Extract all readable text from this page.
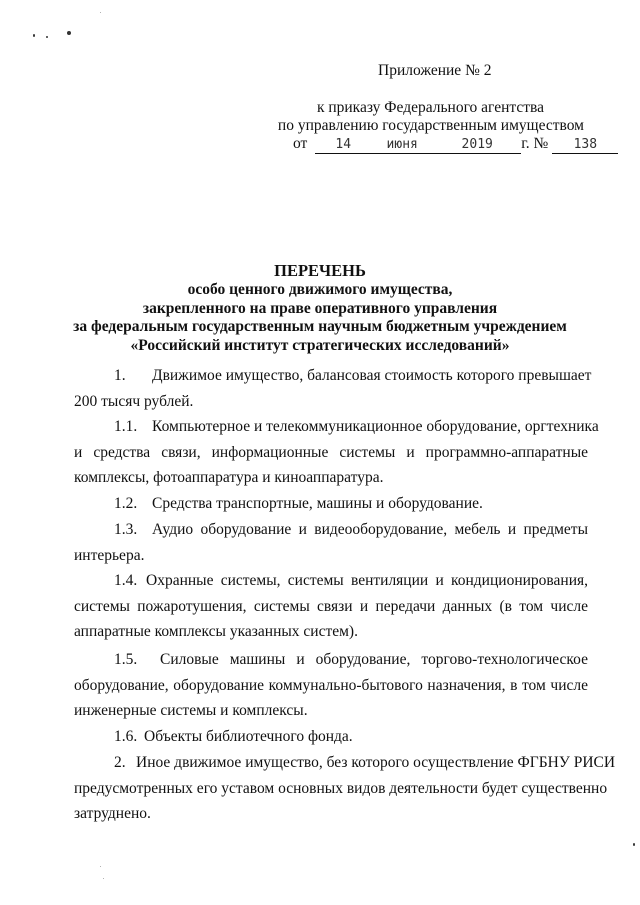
Приложение № 2
к приказу Федерального агентства
по управлению государственным имуществом
от 14	июня	2019 г. № 138
ПЕРЕЧЕНЬ
особо ценного движимого имущества,
закрепленного на праве оперативного управления
за федеральным государственным научным бюджетным учреждением
«Российский институт стратегических исследований»
1. Движимое имущество, балансовая стоимость которого превышает
200 тысяч рублей.
1.1. Компьютерное и телекоммуникационное оборудование, оргтехника
и средства связи, информационные системы и программно-аппаратные
комплексы, фотоаппаратура и киноаппаратура.
1.2. Средства транспортные, машины и оборудование.
1.3. Аудио оборудование и видеооборудование, мебель и предметы
интерьера.
1.4. Охранные системы, системы вентиляции и кондиционирования,
системы пожаротушения, системы связи и передачи данных (в том числе
аппаратные комплексы указанных систем).
1.5. Силовые машины и оборудование, торгово-технологическое
оборудование, оборудование коммунально-бытового назначения, в том числе
инженерные системы и комплексы.
1.6. Объекты библиотечного фонда.
2. Иное движимое имущество, без которого осуществление ФГБНУ РИСИ
предусмотренных его уставом основных видов деятельности будет существенно
затруднено.
